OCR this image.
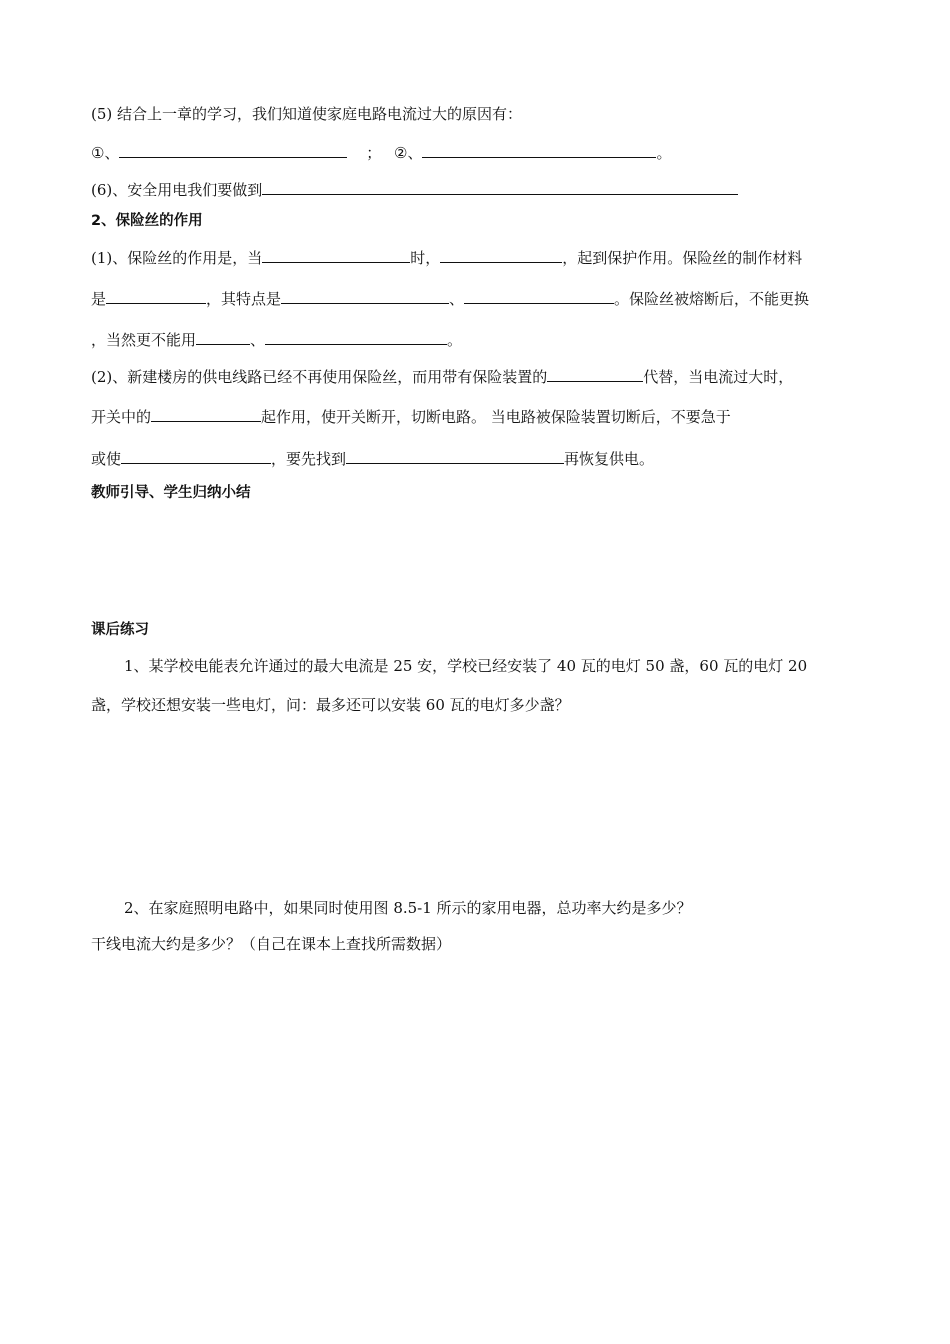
(5) 结合上一章的学习，我们知道使家庭电路电流过大的原因有：
①、	； ②、	。
(6)、安全用电我们要做到
2、保险丝的作用
(1)、保险丝的作用是，当	时，	，起到保护作用。保险丝的制作材料
是	，其特点是	、	。保险丝被熔断后，不能更换
，当然更不能用	、	。
(2)、新建楼房的供电线路已经不再使用保险丝，而用带有保险装置的	代替，当电流过大时，
开关中的	起作用，使开关断开，切断电路。 当电路被保险装置切断后，不要急于
或使	，要先找到	再恢复供电。
教师引导、学生归纳小结
课后练习
1、某学校电能表允许通过的最大电流是 25 安，学校已经安装了 40 瓦的电灯 50 盏，60 瓦的电灯 20
盏，学校还想安装一些电灯，问：最多还可以安装 60 瓦的电灯多少盏？
2、在家庭照明电路中，如果同时使用图 8.5-1 所示的家用电器，总功率大约是多少？
干线电流大约是多少？（自己在课本上查找所需数据）
